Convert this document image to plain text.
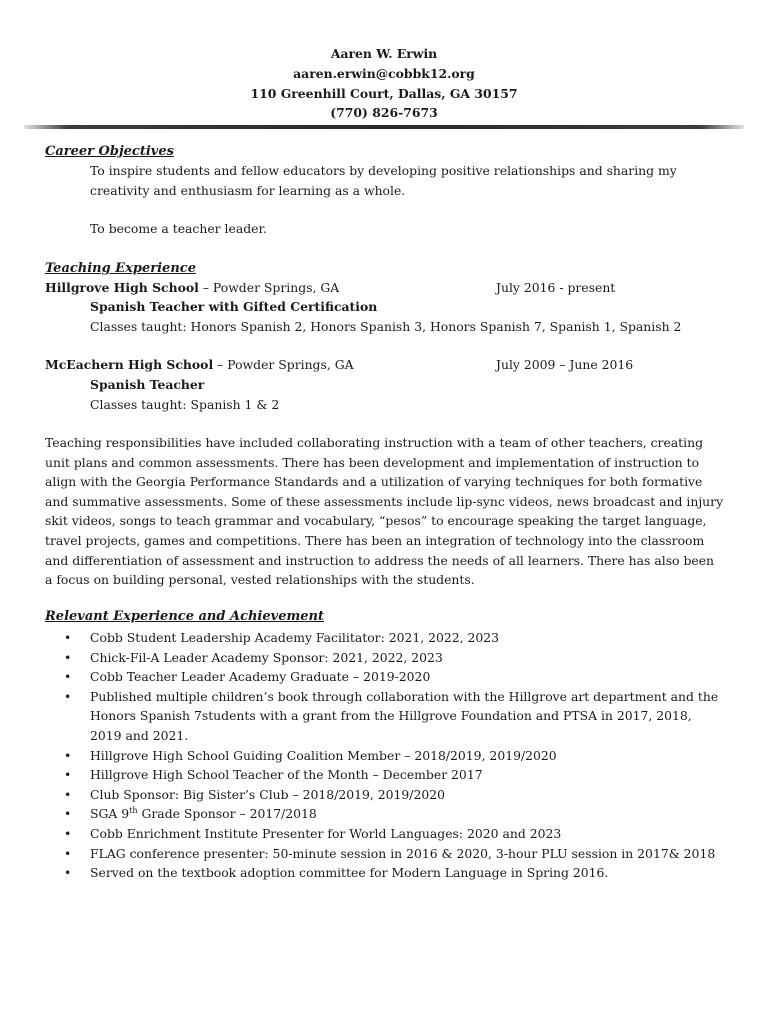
Aaren W. Erwin
aaren.erwin@cobbk12.org
110 Greenhill Court, Dallas, GA 30157
(770) 826-7673
Career Objectives
To inspire students and fellow educators by developing positive relationships and sharing my creativity and enthusiasm for learning as a whole.
To become a teacher leader.
Teaching Experience
Hillgrove High School – Powder Springs, GA	July 2016 - present
Spanish Teacher with Gifted Certification
Classes taught: Honors Spanish 2, Honors Spanish 3, Honors Spanish 7, Spanish 1, Spanish 2
McEachern High School – Powder Springs, GA	July 2009 – June 2016
Spanish Teacher
Classes taught: Spanish 1 & 2
Teaching responsibilities have included collaborating instruction with a team of other teachers, creating unit plans and common assessments. There has been development and implementation of instruction to align with the Georgia Performance Standards and a utilization of varying techniques for both formative and summative assessments. Some of these assessments include lip-sync videos, news broadcast and injury skit videos, songs to teach grammar and vocabulary, “pesos” to encourage speaking the target language, travel projects, games and competitions. There has been an integration of technology into the classroom and differentiation of assessment and instruction to address the needs of all learners. There has also been a focus on building personal, vested relationships with the students.
Relevant Experience and Achievement
• Cobb Student Leadership Academy Facilitator: 2021, 2022, 2023
• Chick-Fil-A Leader Academy Sponsor: 2021, 2022, 2023
• Cobb Teacher Leader Academy Graduate – 2019-2020
• Published multiple children’s book through collaboration with the Hillgrove art department and the Honors Spanish 7students with a grant from the Hillgrove Foundation and PTSA in 2017, 2018, 2019 and 2021.
• Hillgrove High School Guiding Coalition Member – 2018/2019, 2019/2020
• Hillgrove High School Teacher of the Month – December 2017
• Club Sponsor: Big Sister’s Club – 2018/2019, 2019/2020
• SGA 9th Grade Sponsor – 2017/2018
• Cobb Enrichment Institute Presenter for World Languages: 2020 and 2023
• FLAG conference presenter: 50-minute session in 2016 & 2020, 3-hour PLU session in 2017& 2018
• Served on the textbook adoption committee for Modern Language in Spring 2016.
